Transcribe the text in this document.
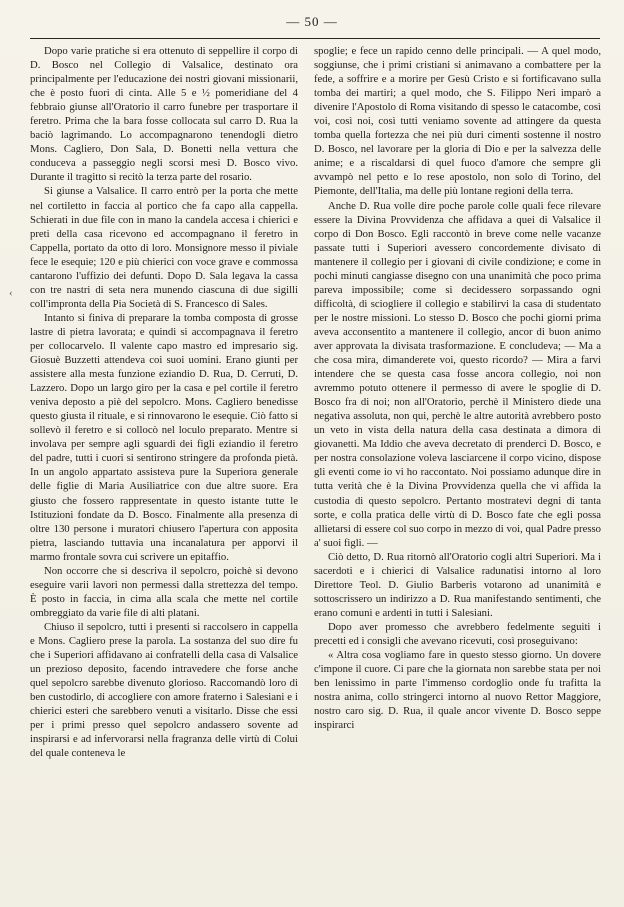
— 50 —
‹

Dopo varie pratiche si era ottenuto di seppellire il corpo di D. Bosco nel Collegio di Valsalice, destinato ora principalmente per l'educazione dei nostri giovani missionarii, che è posto fuori di cinta. Alle 5 e ½ pomeridiane del 4 febbraio giunse all'Oratorio il carro funebre per trasportare il feretro. Prima che la bara fosse collocata sul carro D. Rua la baciò lagrimando. Lo accompagnarono tenendogli dietro Mons. Cagliero, Don Sala, D. Bonetti nella vettura che conduceva a passeggio negli scorsi mesi D. Bosco vivo. Durante il tragitto si recitò la terza parte del rosario.

Si giunse a Valsalice. Il carro entrò per la porta che mette nel cortiletto in faccia al portico che fa capo alla cappella. Schierati in due file con in mano la candela accesa i chierici e preti della casa ricevono ed accompagnano il feretro in Cappella, portato da otto di loro. Monsignore messo il piviale fece le esequie; 120 e più chierici con voce grave e commossa cantarono l'uffizio dei defunti. Dopo D. Sala legava la cassa con tre nastri di seta nera munendo ciascuna di due sigilli coll'impronta della Pia Società di S. Francesco di Sales.

Intanto si finiva di preparare la tomba composta di grosse lastre di pietra lavorata; e quindi si accompagnava il feretro per collocarvelo. Il valente capo mastro ed impresario sig. Giosuè Buzzetti attendeva coi suoi uomini. Erano giunti per assistere alla mesta funzione eziandio D. Rua, D. Cerruti, D. Lazzero. Dopo un largo giro per la casa e pel cortile il feretro veniva deposto a piè del sepolcro. Mons. Cagliero benedisse questo giusta il rituale, e si rinnovarono le esequie. Ciò fatto si sollevò il feretro e si collocò nel loculo preparato. Mentre si involava per sempre agli sguardi dei figli eziandio il feretro del padre, tutti i cuori si sentirono stringere da profonda pietà. In un angolo appartato assisteva pure la Superiora generale delle figlie di Maria Ausiliatrice con due altre suore. Era giusto che fossero rappresentate in questo istante tutte le Istituzioni fondate da D. Bosco. Finalmente alla presenza di oltre 130 persone i muratori chiusero l'apertura con apposita pietra, lasciando tuttavia una incanalatura per apporvi il marmo frontale sovra cui scrivere un epitaffio.

Non occorre che si descriva il sepolcro, poichè si devono eseguire varii lavori non permessi dalla strettezza del tempo. È posto in faccia, in cima alla scala che mette nel cortile ombreggiato da varie file di alti platani.

Chiuso il sepolcro, tutti i presenti si raccolsero in cappella e Mons. Cagliero prese la parola. La sostanza del suo dire fu che i Superiori affidavano ai confratelli della casa di Valsalice un prezioso deposito, facendo intravedere che forse anche quel sepolcro sarebbe divenuto glorioso. Raccomandò loro di ben custodirlo, di accogliere con amore fraterno i Salesiani e i chierici esteri che sarebbero venuti a visitarlo. Disse che essi per i primi presso quel sepolcro andassero sovente ad inspirarsi e ad infervorarsi nella fragranza delle virtù di Colui del quale conteneva le

spoglie; e fece un rapido cenno delle principali. — A quel modo, soggiunse, che i primi cristiani si animavano a combattere per la fede, a soffrire e a morire per Gesù Cristo e si fortificavano sulla tomba dei martiri; a quel modo, che S. Filippo Neri imparò a divenire l'Apostolo di Roma visitando di spesso le catacombe, così voi, così noi, così tutti veniamo sovente ad attingere da questa tomba quella fortezza che nei più duri cimenti sostenne il nostro D. Bosco, nel lavorare per la gloria di Dio e per la salvezza delle anime; e a riscaldarsi di quel fuoco d'amore che sempre gli avvampò nel petto e lo rese apostolo, non solo di Torino, del Piemonte, dell'Italia, ma delle più lontane regioni della terra.

Anche D. Rua volle dire poche parole colle quali fece rilevare essere la Divina Provvidenza che affidava a quei di Valsalice il corpo di Don Bosco. Egli raccontò in breve come nelle vacanze passate tutti i Superiori avessero concordemente divisato di mantenere il collegio per i giovani di civile condizione; e come in pochi minuti cangiasse disegno con una unanimità che poco prima pareva impossibile; come si decidessero sorpassando ogni difficoltà, di sciogliere il collegio e stabilirvi la casa di studentato per le nostre missioni. Lo stesso D. Bosco che pochi giorni prima aveva acconsentito a mantenere il collegio, ancor di buon animo aver approvata la divisata trasformazione. E concludeva; — Ma a che cosa mira, dimanderete voi, questo ricordo? — Mira a farvi intendere che se questa casa fosse ancora collegio, noi non avremmo potuto ottenere il permesso di avere le spoglie di D. Bosco fra di noi; non all'Oratorio, perchè il Ministero diede una negativa assoluta, non qui, perchè le altre autorità avrebbero posto un veto in vista della natura della casa destinata a dimora di giovanetti. Ma Iddio che aveva decretato di prenderci D. Bosco, e per nostra consolazione voleva lasciarcene il corpo vicino, dispose gli eventi come io vi ho raccontato. Noi possiamo adunque dire in tutta verità che è la Divina Provvidenza quella che vi affida la custodia di questo sepolcro. Pertanto mostratevi degni di tanta sorte, e colla pratica delle virtù di D. Bosco fate che egli possa allietarsi di essere col suo corpo in mezzo di voi, qual Padre presso a' suoi figli. —

Ciò detto, D. Rua ritornò all'Oratorio cogli altri Superiori. Ma i sacerdoti e i chierici di Valsalice radunatisi intorno al loro Direttore Teol. D. Giulio Barberis votarono ad unanimità e sottoscrissero un indirizzo a D. Rua manifestando sentimenti, che erano comuni e ardenti in tutti i Salesiani.

Dopo aver promesso che avrebbero fedelmente seguiti i precetti ed i consigli che avevano ricevuti, così proseguivano:

« Altra cosa vogliamo fare in questo stesso giorno. Un dovere c'impone il cuore. Ci pare che la giornata non sarebbe stata per noi ben lenissimo in parte l'immenso cordoglio onde fu trafitta la nostra anima, collo stringerci intorno al nuovo Rettor Maggiore, nostro caro sig. D. Rua, il quale ancor vivente D. Bosco seppe inspirarci
